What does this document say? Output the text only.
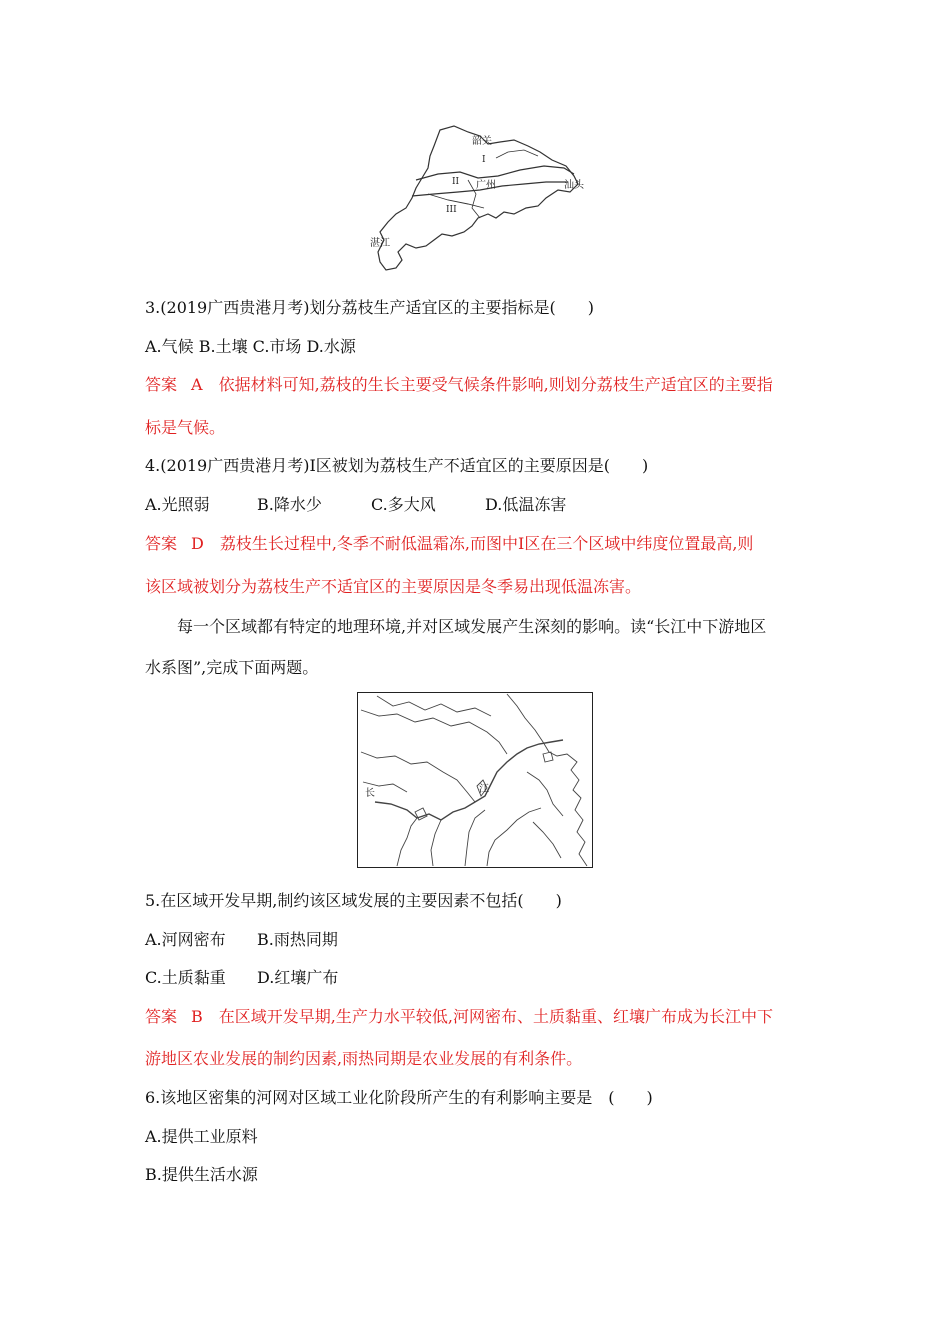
韶关
I
II 广州	汕头
III
湛江
3.(2019广西贵港月考)划分荔枝生产适宜区的主要指标是(　　)
A.气候 B.土壤 C.市场 D.水源
答案 A 依据材料可知,荔枝的生长主要受气候条件影响,则划分荔枝生产适宜区的主要指
标是气候。
4.(2019广西贵港月考)Ⅰ区被划为荔枝生产不适宜区的主要原因是(　　)
A.光照弱	B.降水少	C.多大风	D.低温冻害
答案 D 荔枝生长过程中,冬季不耐低温霜冻,而图中Ⅰ区在三个区域中纬度位置最高,则
该区域被划分为荔枝生产不适宜区的主要原因是冬季易出现低温冻害。
每一个区域都有特定的地理环境,并对区域发展产生深刻的影响。读“长江中下游地区
水系图”,完成下面两题。
长	江
5.在区域开发早期,制约该区域发展的主要因素不包括(　　)
A.河网密布 B.雨热同期
C.土质黏重 D.红壤广布
答案 B 在区域开发早期,生产力水平较低,河网密布、土质黏重、红壤广布成为长江中下
游地区农业发展的制约因素,雨热同期是农业发展的有利条件。
6.该地区密集的河网对区域工业化阶段所产生的有利影响主要是　(　　)
A.提供工业原料
B.提供生活水源
